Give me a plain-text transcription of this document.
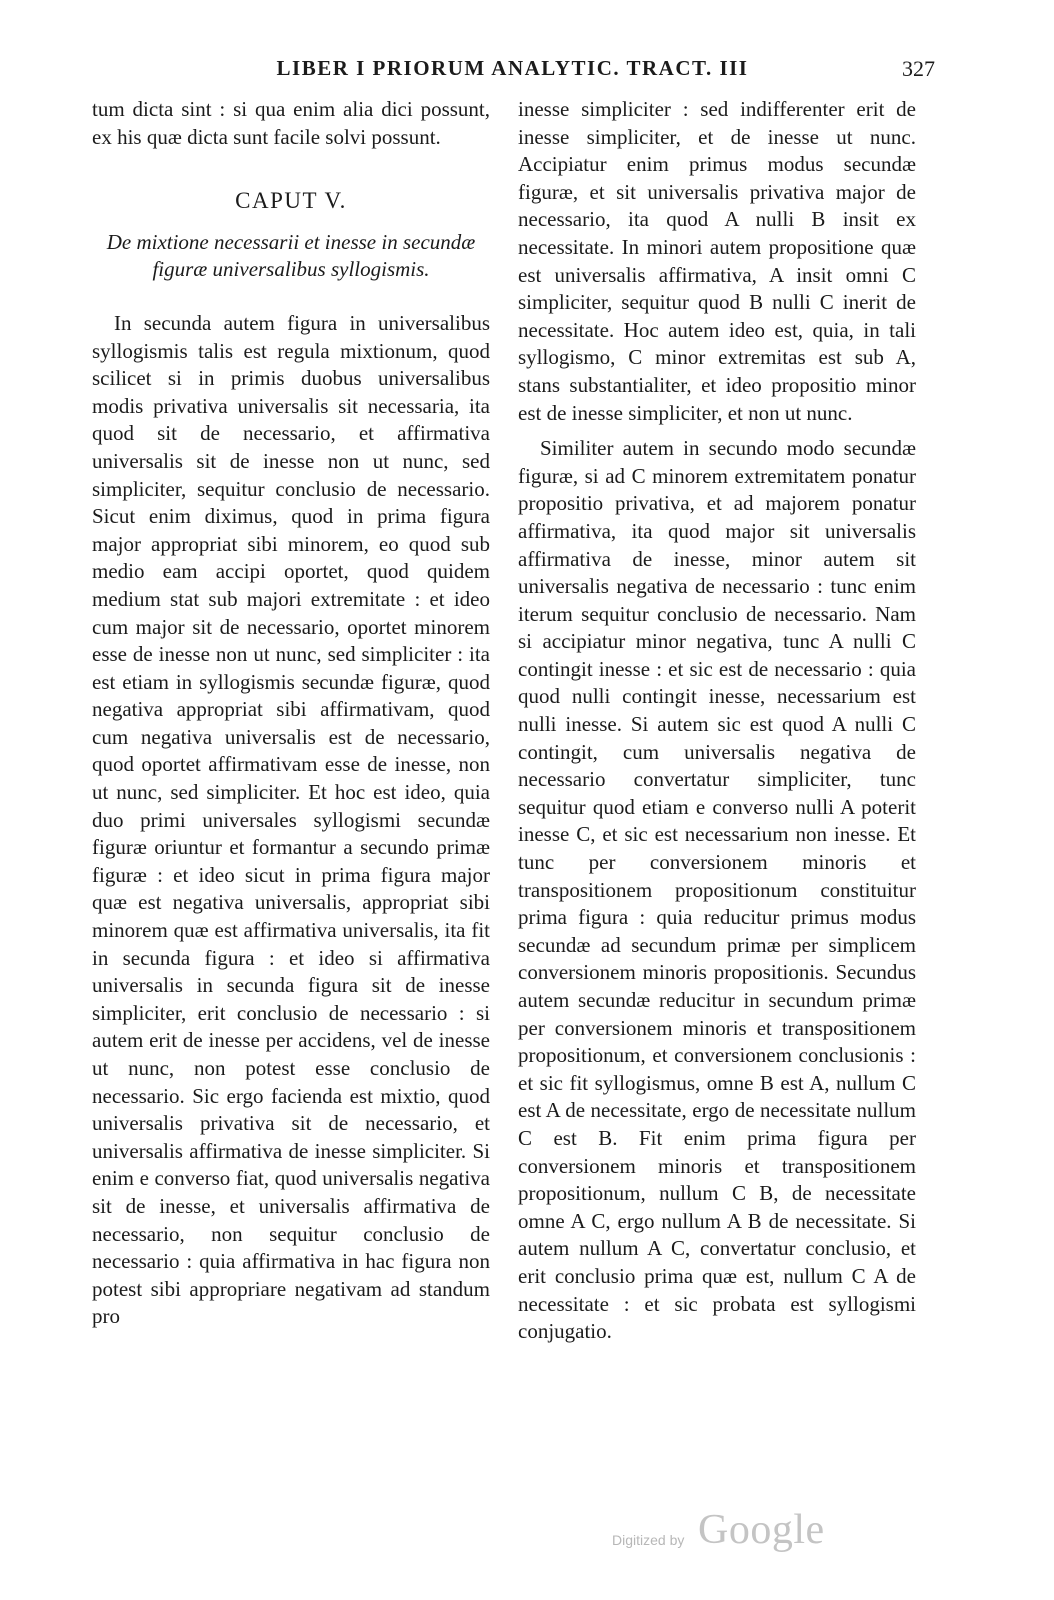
LIBER I PRIORUM ANALYTIC. TRACT. III	327

tum dicta sint : si qua enim alia dici possunt, ex his quæ dicta sunt facile solvi possunt.

CAPUT V.

De mixtione necessarii et inesse in secundæ figuræ universalibus syllogismis.

In secunda autem figura in universalibus syllogismis talis est regula mixtionum, quod scilicet si in primis duobus universalibus modis privativa universalis sit necessaria, ita quod sit de necessario, et affirmativa universalis sit de inesse non ut nunc, sed simpliciter, sequitur conclusio de necessario. Sicut enim diximus, quod in prima figura major appropriat sibi minorem, eo quod sub medio eam accipi oportet, quod quidem medium stat sub majori extremitate : et ideo cum major sit de necessario, oportet minorem esse de inesse non ut nunc, sed simpliciter : ita est etiam in syllogismis secundæ figuræ, quod negativa appropriat sibi affirmativam, quod cum negativa universalis est de necessario, quod oportet affirmativam esse de inesse, non ut nunc, sed simpliciter. Et hoc est ideo, quia duo primi universales syllogismi secundæ figuræ oriuntur et formantur a secundo primæ figuræ : et ideo sicut in prima figura major quæ est negativa universalis, appropriat sibi minorem quæ est affirmativa universalis, ita fit in secunda figura : et ideo si affirmativa universalis in secunda figura sit de inesse simpliciter, erit conclusio de necessario : si autem erit de inesse per accidens, vel de inesse ut nunc, non potest esse conclusio de necessario. Sic ergo facienda est mixtio, quod universalis privativa sit de necessario, et universalis affirmativa de inesse simpliciter. Si enim e converso fiat, quod universalis negativa sit de inesse, et universalis affirmativa de necessario, non sequitur conclusio de necessario : quia affirmativa in hac figura non potest sibi appropriare negativam ad standum pro

inesse simpliciter : sed indifferenter erit de inesse simpliciter, et de inesse ut nunc. Accipiatur enim primus modus secundæ figuræ, et sit universalis privativa major de necessario, ita quod A nulli B insit ex necessitate. In minori autem propositione quæ est universalis affirmativa, A insit omni C simpliciter, sequitur quod B nulli C inerit de necessitate. Hoc autem ideo est, quia, in tali syllogismo, C minor extremitas est sub A, stans substantialiter, et ideo propositio minor est de inesse simpliciter, et non ut nunc.

Similiter autem in secundo modo secundæ figuræ, si ad C minorem extremitatem ponatur propositio privativa, et ad majorem ponatur affirmativa, ita quod major sit universalis affirmativa de inesse, minor autem sit universalis negativa de necessario : tunc enim iterum sequitur conclusio de necessario. Nam si accipiatur minor negativa, tunc A nulli C contingit inesse : et sic est de necessario : quia quod nulli contingit inesse, necessarium est nulli inesse. Si autem sic est quod A nulli C contingit, cum universalis negativa de necessario convertatur simpliciter, tunc sequitur quod etiam e converso nulli A poterit inesse C, et sic est necessarium non inesse. Et tunc per conversionem minoris et transpositionem propositionum constituitur prima figura : quia reducitur primus modus secundæ ad secundum primæ per simplicem conversionem minoris propositionis. Secundus autem secundæ reducitur in secundum primæ per conversionem minoris et transpositionem propositionum, et conversionem conclusionis : et sic fit syllogismus, omne B est A, nullum C est A de necessitate, ergo de necessitate nullum C est B. Fit enim prima figura per conversionem minoris et transpositionem propositionum, nullum C B, de necessitate omne A C, ergo nullum A B de necessitate. Si autem nullum A C, convertatur conclusio, et erit conclusio prima quæ est, nullum C A de necessitate : et sic probata est syllogismi conjugatio.

Digitized by Google
